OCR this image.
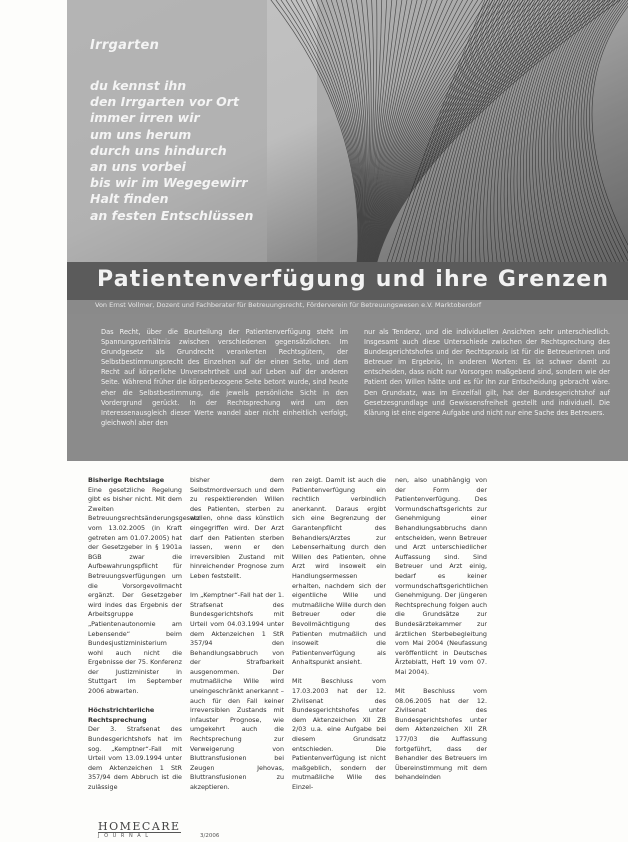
Irrgarten
du kennst ihn
den Irrgarten vor Ort
immer irren wir
um uns herum
durch uns hindurch
an uns vorbei
bis wir im Wegegewirr
Halt finden
an festen Entschlüssen
Patientenverfügung und ihre Grenzen
Von Ernst Vollmer, Dozent und Fachberater für Betreuungsrecht, Förderverein für Betreuungswesen e.V. Marktoberdorf
Das Recht, über die Beurteilung der Patientenverfügung steht im Spannungsverhältnis zwischen verschiedenen gegensätzlichen. Im Grundgesetz als Grundrecht verankerten Rechtsgütern, der Selbstbestimmungsrecht des Einzelnen auf der einen Seite, und dem Recht auf körperliche Unversehrtheit und auf Leben auf der anderen Seite. Während früher die körperbezogene Seite betont wurde, sind heute eher die Selbstbestimmung, die jeweils persönliche Sicht in den Vordergrund gerückt. In der Rechtsprechung wird um den Interessenausgleich dieser Werte wandel aber nicht einheitlich verfolgt, gleichwohl aber den
nur als Tendenz, und die individuellen Ansichten sehr unterschiedlich. Insgesamt auch diese Unterschiede zwischen der Rechtsprechung des Bundesgerichtshofes und der Rechtspraxis ist für die Betreuerinnen und Betreuer im Ergebnis, in anderen Worten: Es ist schwer damit zu entscheiden, dass nicht nur Vorsorgen maßgebend sind, sondern wie der Patient den Willen hätte und es für ihn zur Entscheidung gebracht wäre. Den Grundsatz, was im Einzelfall gilt, hat der Bundesgerichtshof auf Gesetzesgrundlage und Gewissensfreiheit gestellt und individuell. Die Klärung ist eine eigene Aufgabe und nicht nur eine Sache des Betreuers.

Bisherige Rechtslage
Eine gesetzliche Regelung gibt es bisher nicht. Mit dem Zweiten Betreuungsrechtsänderungsgesetz vom 13.02.2005 (in Kraft getreten am 01.07.2005) hat der Gesetzgeber in § 1901a BGB zwar die Aufbewahrungspflicht für Betreuungsverfügungen um die Vorsorgevollmacht ergänzt. Der Gesetzgeber wird indes das Ergebnis der Arbeitsgruppe „Patientenautonomie am Lebensende“ beim Bundesjustizministerium wohl auch nicht die Ergebnisse der 75. Konferenz der Justizminister in Stuttgart im September 2006 abwarten.

Höchstrichterliche Rechtsprechung
Der 3. Strafsenat des Bundesgerichtshofs hat im sog. „Kemptner“-Fall mit Urteil vom 13.09.1994 unter dem Aktenzeichen 1 StR 357/94 dem Abbruch ist die zulässige

bisher dem Selbstmordversuch und dem zu respektierenden Willen des Patienten, sterben zu wollen, ohne dass künstlich eingegriffen wird. Der Arzt darf den Patienten sterben lassen, wenn er den irreversiblen Zustand mit hinreichender Prognose zum Leben feststellt.

Im „Kemptner“-Fall hat der 1. Strafsenat des Bundesgerichtshofs mit Urteil vom 04.03.1994 unter dem Aktenzeichen 1 StR 357/94 den Behandlungsabbruch von der Strafbarkeit ausgenommen. Der mutmaßliche Wille wird uneingeschränkt anerkannt – auch für den Fall keiner irreversiblen Zustands mit infauster Prognose, wie umgekehrt auch die Rechtsprechung zur Verweigerung von Bluttransfusionen bei Zeugen Jehovas, Bluttransfusionen zu akzeptieren.

ren zeigt. Damit ist auch die Patientenverfügung ein rechtlich verbindlich anerkannt. Daraus ergibt sich eine Begrenzung der Garantenpflicht des Behandlers/Arztes zur Lebenserhaltung durch den Willen des Patienten, ohne Arzt wird insoweit ein Handlungsermessen erhalten, nachdem sich der eigentliche Wille und mutmaßliche Wille durch den Betreuer oder die Bevollmächtigung des Patienten mutmaßlich und insoweit die Patientenverfügung als Anhaltspunkt ansieht.

Mit Beschluss vom 17.03.2003 hat der 12. Zivilsenat des Bundesgerichtshofes unter dem Aktenzeichen XII ZB 2/03 u.a. eine Aufgabe bei diesem Grundsatz entschieden. Die Patientenverfügung ist nicht maßgeblich, sondern der mutmaßliche Wille des Einzel-

nen, also unabhängig von der Form der Patientenverfügung. Des Vormundschaftsgerichts zur Genehmigung einer Behandlungsabbruchs dann entscheiden, wenn Betreuer und Arzt unterschiedlicher Auffassung sind. Sind Betreuer und Arzt einig, bedarf es keiner vormundschaftsgerichtlichen Genehmigung. Der jüngeren Rechtsprechung folgen auch die Grundsätze zur Bundesärztekammer zur ärztlichen Sterbebegleitung vom Mai 2004 (Neufassung veröffentlicht in Deutsches Ärzteblatt, Heft 19 vom 07. Mai 2004).

Mit Beschluss vom 08.06.2005 hat der 12. Zivilsenat des Bundesgerichtshofes unter dem Aktenzeichen XII ZR 177/03 die Auffassung fortgeführt, dass der Behandler des Betreuers im Übereinstimmung mit dem behandelnden

HOMECARE
JOURNAL	3/2006
